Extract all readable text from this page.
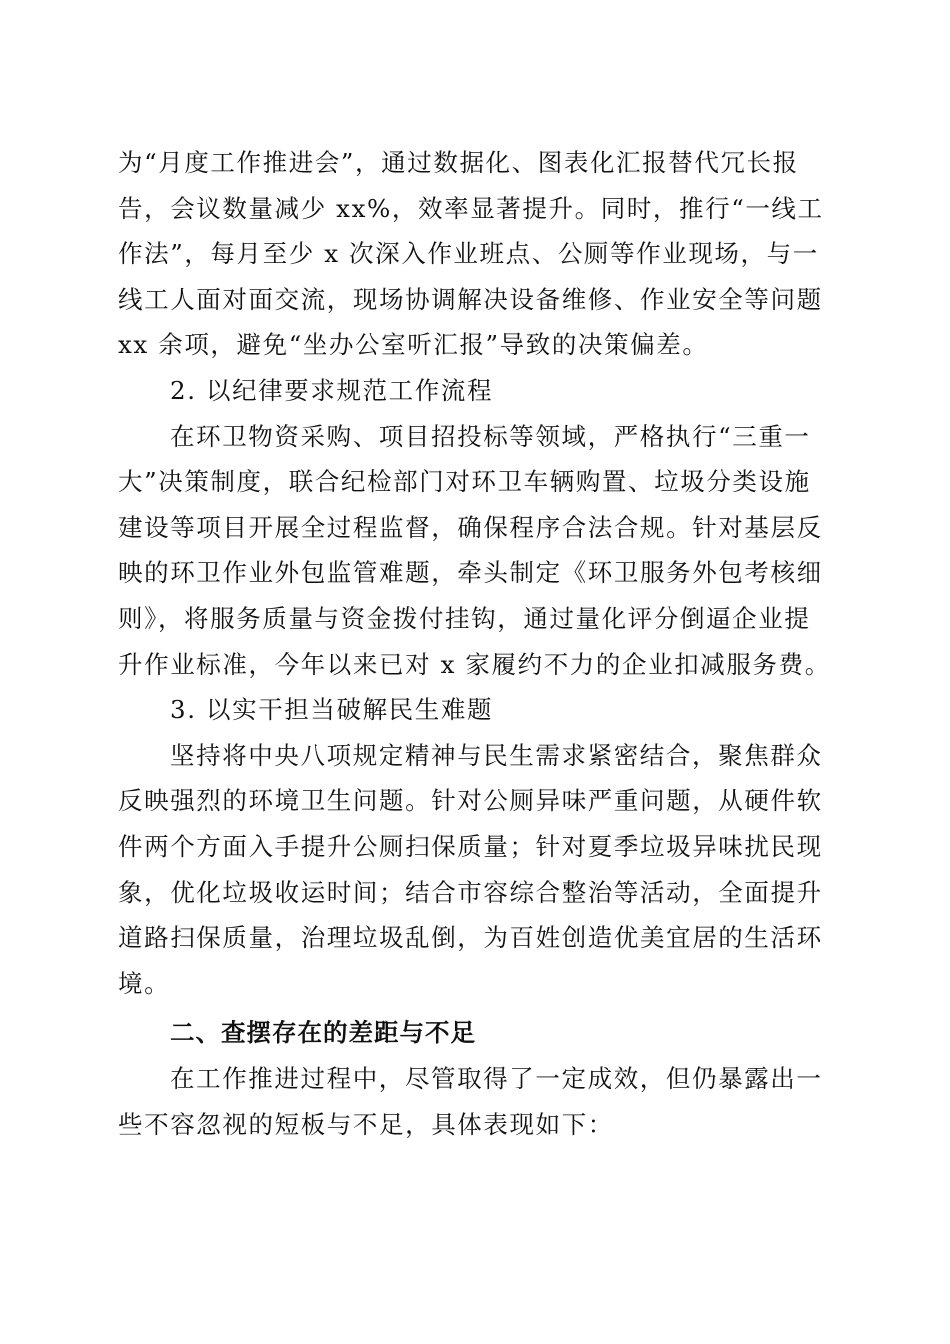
为“月度工作推进会”，通过数据化、图表化汇报替代冗长报
告，会议数量减少 xx%，效率显著提升。同时，推行“一线工
作法”，每月至少 x 次深入作业班点、公厕等作业现场，与一
线工人面对面交流，现场协调解决设备维修、作业安全等问题
xx 余项，避免“坐办公室听汇报”导致的决策偏差。

2. 以纪律要求规范工作流程

在环卫物资采购、项目招投标等领域，严格执行“三重一
大”决策制度，联合纪检部门对环卫车辆购置、垃圾分类设施
建设等项目开展全过程监督，确保程序合法合规。针对基层反
映的环卫作业外包监管难题，牵头制定《环卫服务外包考核细
则》，将服务质量与资金拨付挂钩，通过量化评分倒逼企业提
升作业标准，今年以来已对 x 家履约不力的企业扣减服务费。

3. 以实干担当破解民生难题

坚持将中央八项规定精神与民生需求紧密结合，聚焦群众
反映强烈的环境卫生问题。针对公厕异味严重问题，从硬件软
件两个方面入手提升公厕扫保质量；针对夏季垃圾异味扰民现
象，优化垃圾收运时间；结合市容综合整治等活动，全面提升
道路扫保质量，治理垃圾乱倒，为百姓创造优美宜居的生活环
境。

二、查摆存在的差距与不足

在工作推进过程中，尽管取得了一定成效，但仍暴露出一
些不容忽视的短板与不足，具体表现如下：
